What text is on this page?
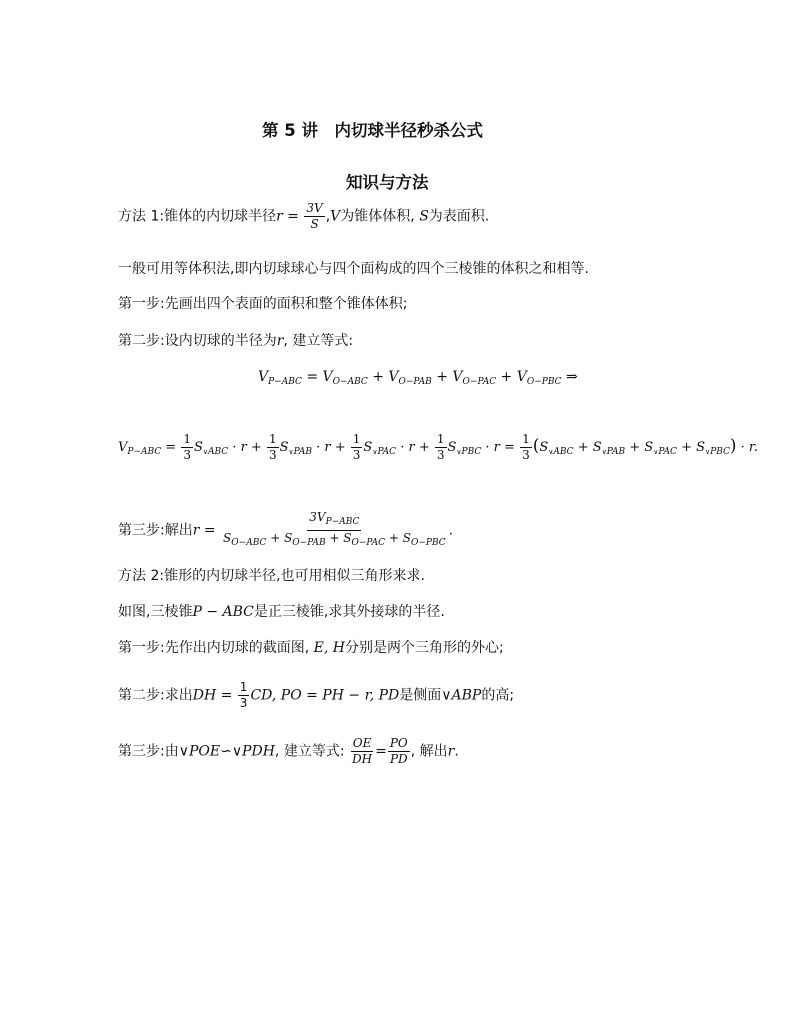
第 5 讲　内切球半径秒杀公式
知识与方法
方法 1:锥体的内切球半径$r = \frac{3V}{S} ,V$为锥体体积, S为表面积.
一般可用等体积法,即内切球球心与四个面构成的四个三棱锥的体积之和相等.
第一步:先画出四个表面的面积和整个锥体体积;
第二步:设内切球的半径为r, 建立等式:
$V_{P-ABC} = V_{O-ABC} + V_{O-PAB} + V_{O-PAC} + V_{O-PBC}$ ⇒
$V_{P-ABC} = \frac{1}{3} S_{\vee ABC} \cdot r + \frac{1}{3} S_{\vee PAB} \cdot r + \frac{1}{3} S_{\vee PAC} \cdot r + \frac{1}{3} S_{\vee PBC} \cdot r = \frac{1}{3} (S_{\vee ABC} + S_{\vee PAB} + S_{\vee PAC} + S_{\vee PBC}) \cdot r$.
第三步:解出$r = \frac{3V_{P-ABC}}{S_{O-ABC} + S_{O-PAB} + S_{O-PAC} + S_{O-PBC}}$ .
方法 2:锥形的内切球半径,也可用相似三角形来求.
如图,三棱锥P − ABC是正三棱锥,求其外接球的半径.
第一步:先作出内切球的截面图, E, H分别是两个三角形的外心;
第二步:求出DH = $\frac{1}{3}$ CD, PO = PH − r, PD是侧面∨ABP的高;
第三步:由∨POE∽∨PDH, 建立等式: $\frac{OE}{DH} = \frac{PO}{PD}$ , 解出r.
